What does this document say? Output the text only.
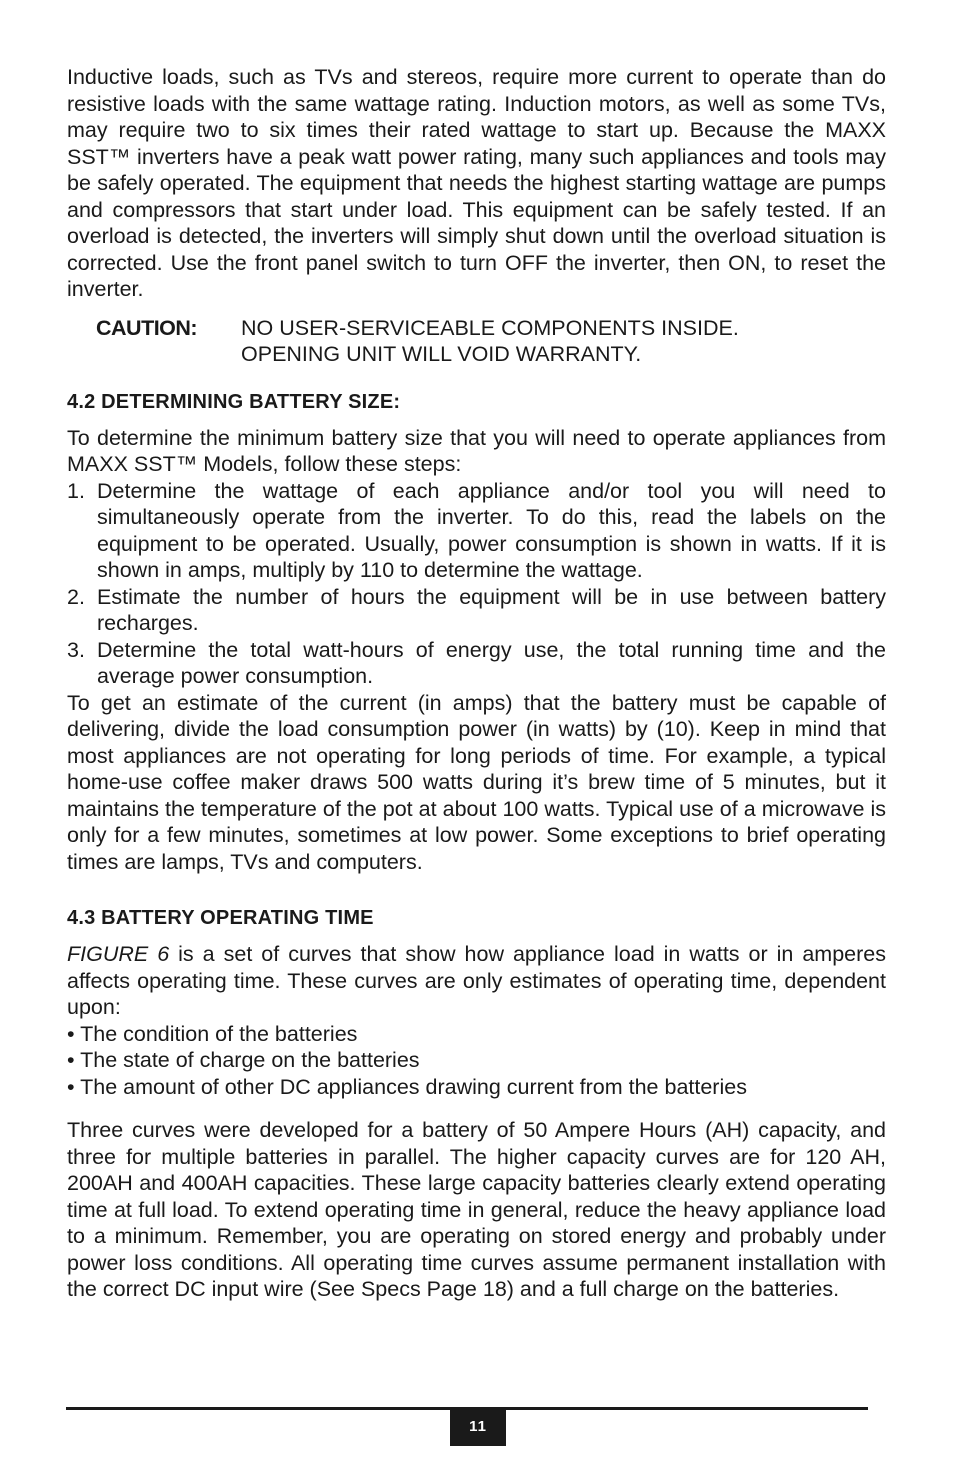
Inductive loads, such as TVs and stereos, require more current to operate than do resistive loads with the same wattage rating. Induction motors, as well as some TVs, may require two to six times their rated wattage to start up. Because the MAXX SST™ inverters have a peak watt power rating, many such appliances and tools may be safely operated. The equipment that needs the highest starting wattage are pumps and compressors that start under load. This equipment can be safely tested. If an overload is detected, the inverters will simply shut down until the overload situation is corrected. Use the front panel switch to turn OFF the inverter, then ON, to reset the inverter.

CAUTION:	NO USER-SERVICEABLE COMPONENTS INSIDE.
OPENING UNIT WILL VOID WARRANTY.
4.2 DETERMINING BATTERY SIZE:

To determine the minimum battery size that you will need to operate appliances from MAXX SST™ Models, follow these steps:

1. Determine the wattage of each appliance and/or tool you will need to simultaneously operate from the inverter. To do this, read the labels on the equipment to be operated. Usually, power consumption is shown in watts. If it is shown in amps, multiply by 110 to determine the wattage.
2. Estimate the number of hours the equipment will be in use between battery recharges.
3. Determine the total watt-hours of energy use, the total running time and the average power consumption.

To get an estimate of the current (in amps) that the battery must be capable of delivering, divide the load consumption power (in watts) by (10). Keep in mind that most appliances are not operating for long periods of time. For example, a typical home-use coffee maker draws 500 watts during it’s brew time of 5 minutes, but it maintains the temperature of the pot at about 100 watts. Typical use of a microwave is only for a few minutes, sometimes at low power. Some exceptions to brief operating times are lamps, TVs and computers.

4.3 BATTERY OPERATING TIME

FIGURE 6 is a set of curves that show how appliance load in watts or in amperes affects operating time. These curves are only estimates of operating time, dependent upon:

• The condition of the batteries
• The state of charge on the batteries
• The amount of other DC appliances drawing current from the batteries

Three curves were developed for a battery of 50 Ampere Hours (AH) capacity, and three for multiple batteries in parallel. The higher capacity curves are for 120 AH, 200AH and 400AH capacities. These large capacity batteries clearly extend operating time at full load. To extend operating time in general, reduce the heavy appliance load to a minimum. Remember, you are operating on stored energy and probably under power loss conditions. All operating time curves assume permanent installation with the correct DC input wire (See Specs Page 18) and a full charge on the batteries.

11
